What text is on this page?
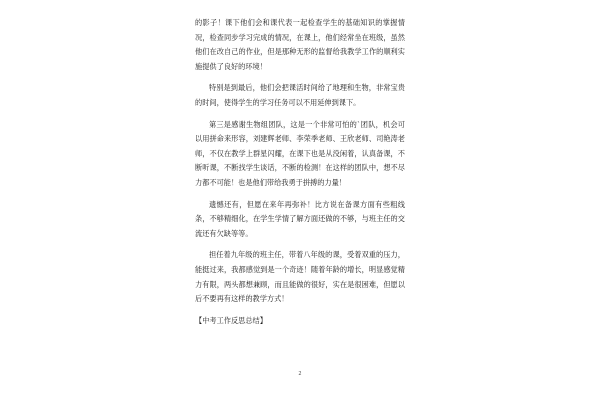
的影子！课下他们会和课代表一起检查学生的基础知识的掌握情况，检查同步学习完成的情况，在课上，他们经常坐在班级，虽然他们在改自己的作业，但是那种无形的监督给我教学工作的顺利实施提供了良好的环境！

特别是到最后，他们会把课活时间给了地理和生物，非常宝贵的时间，使得学生的学习任务可以不用延伸到课下。

第三是感谢生物组团队，这是一个非常可怕的`团队，机会可以用拼命来形容，刘建辉老师、李荣季老师、王欣老师、司艳涛老师，不仅在教学上群星闪耀，在课下也是从没闲着，认真备课，不断听课，不断找学生谈话，不断的检测！在这样的团队中，想不尽力都不可能！也是他们带给我勇于拼搏的力量！

遗憾还有，但愿在来年再弥补！比方说在备课方面有些粗线条，不够精细化，在学生学情了解方面还做的不够，与班主任的交流还有欠缺等等。

担任着九年级的班主任，带着八年级的课，受着双重的压力，能挺过来，我都感觉到是一个奇迹！随着年龄的增长，明显感觉精力有限，两头都想兼顾，而且能做的很好，实在是很困难，但愿以后不要再有这样的教学方式！

【中考工作反思总结】

2
